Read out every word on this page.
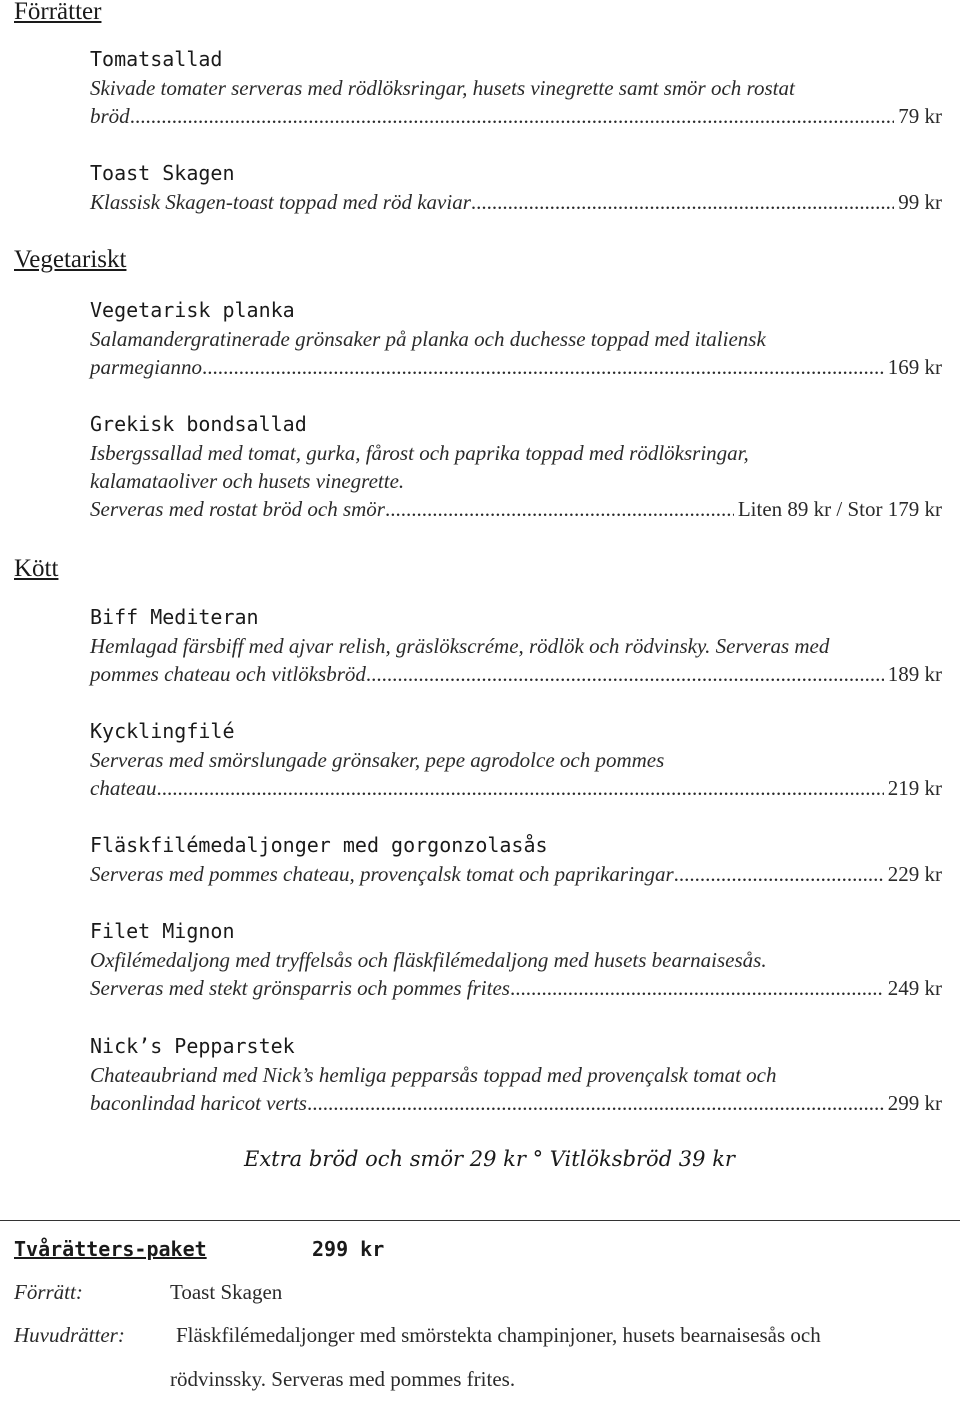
Förrätter
Tomatsallad
Skivade tomater serveras med rödlöksringar, husets vinegrette samt smör och rostat
bröd .....	79 kr
Toast Skagen
Klassisk Skagen-toast toppad med röd kaviar .....	99 kr
Vegetariskt
Vegetarisk planka
Salamandergratinerade grönsaker på planka och duchesse toppad med italiensk
parmegianno .....	169 kr
Grekisk bondsallad
Isbergssallad med tomat, gurka, fårost och paprika toppad med rödlöksringar,
kalamataoliver och husets vinegrette.
Serveras med rostat bröd och smör .....	Liten 89 kr / Stor 179 kr
Kött
Biff Mediteran
Hemlagad färsbiff med ajvar relish, gräslökscréme, rödlök och rödvinsky. Serveras med
pommes chateau och vitlöksbröd .....	189 kr
Kycklingfilé
Serveras med smörslungade grönsaker, pepe agrodolce och pommes
chateau .....	219 kr
Fläskfilémedaljonger med gorgonzolasås
Serveras med pommes chateau, provençalsk tomat och paprikaringar .....	229 kr
Filet Mignon
Oxfilémedaljong med tryffelsås och fläskfilémedaljong med husets bearnaisesås.
Serveras med stekt grönsparris och pommes frites .....	249 kr
Nick’s Pepparstek
Chateaubriand med Nick’s hemliga pepparsås toppad med provençalsk tomat och
baconlindad haricot verts .....	299 kr
Extra bröd och smör 29 kr ° Vitlöksbröd 39 kr
Tvårätters-paket	299 kr
Förrätt:	Toast Skagen
Huvudrätter: Fläskfilémedaljonger med smörstekta champinjoner, husets bearnaisesås och
rödvinssky. Serveras med pommes frites.
